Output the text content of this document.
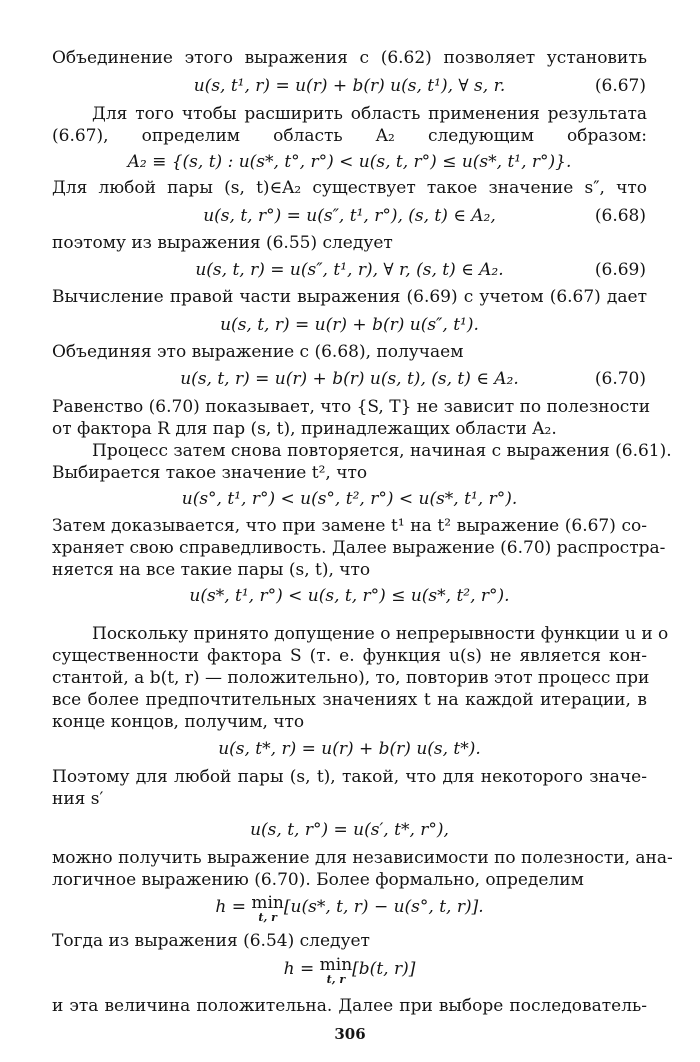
Объединение этого выражения с (6.62) позволяет установить
u(s, t¹, r) = u(r) + b(r) u(s, t¹), ∀ s, r.	(6.67)
Для того чтобы расширить область применения результата
(6.67), определим область A₂ следующим образом:
A₂ ≡ {(s, t) : u(s*, t°, r°) < u(s, t, r°) ≤ u(s*, t¹, r°)}.
Для любой пары (s, t)∈A₂ существует такое значение s″, что
u(s, t, r°) = u(s″, t¹, r°), (s, t) ∈ A₂,	(6.68)
поэтому из выражения (6.55) следует
u(s, t, r) = u(s″, t¹, r), ∀ r, (s, t) ∈ A₂.	(6.69)
Вычисление правой части выражения (6.69) с учетом (6.67) дает
u(s, t, r) = u(r) + b(r) u(s″, t¹).
Объединяя это выражение с (6.68), получаем
u(s, t, r) = u(r) + b(r) u(s, t), (s, t) ∈ A₂.	(6.70)
Равенство (6.70) показывает, что {S, T} не зависит по полезности
от фактора R для пар (s, t), принадлежащих области A₂.
Процесс затем снова повторяется, начиная с выражения (6.61).
Выбирается такое значение t², что
u(s°, t¹, r°) < u(s°, t², r°) < u(s*, t¹, r°).
Затем доказывается, что при замене t¹ на t² выражение (6.67) со-
храняет свою справедливость. Далее выражение (6.70) распростра-
няется на все такие пары (s, t), что
u(s*, t¹, r°) < u(s, t, r°) ≤ u(s*, t², r°).
Поскольку принято допущение о непрерывности функции u и о
существенности фактора S (т. е. функция u(s) не является кон-
стантой, а b(t, r) — положительно), то, повторив этот процесс при
все более предпочтительных значениях t на каждой итерации, в
конце концов, получим, что
u(s, t*, r) = u(r) + b(r) u(s, t*).
Поэтому для любой пары (s, t), такой, что для некоторого значе-
ния s′
u(s, t, r°) = u(s′, t*, r°),
можно получить выражение для независимости по полезности, ана-
логичное выражению (6.70). Более формально, определим
h = min
t, r
[u(s*, t, r) − u(s°, t, r)].
Тогда из выражения (6.54) следует
h = min
t, r
[b(t, r)]
и эта величина положительна. Далее при выборе последователь-
306
